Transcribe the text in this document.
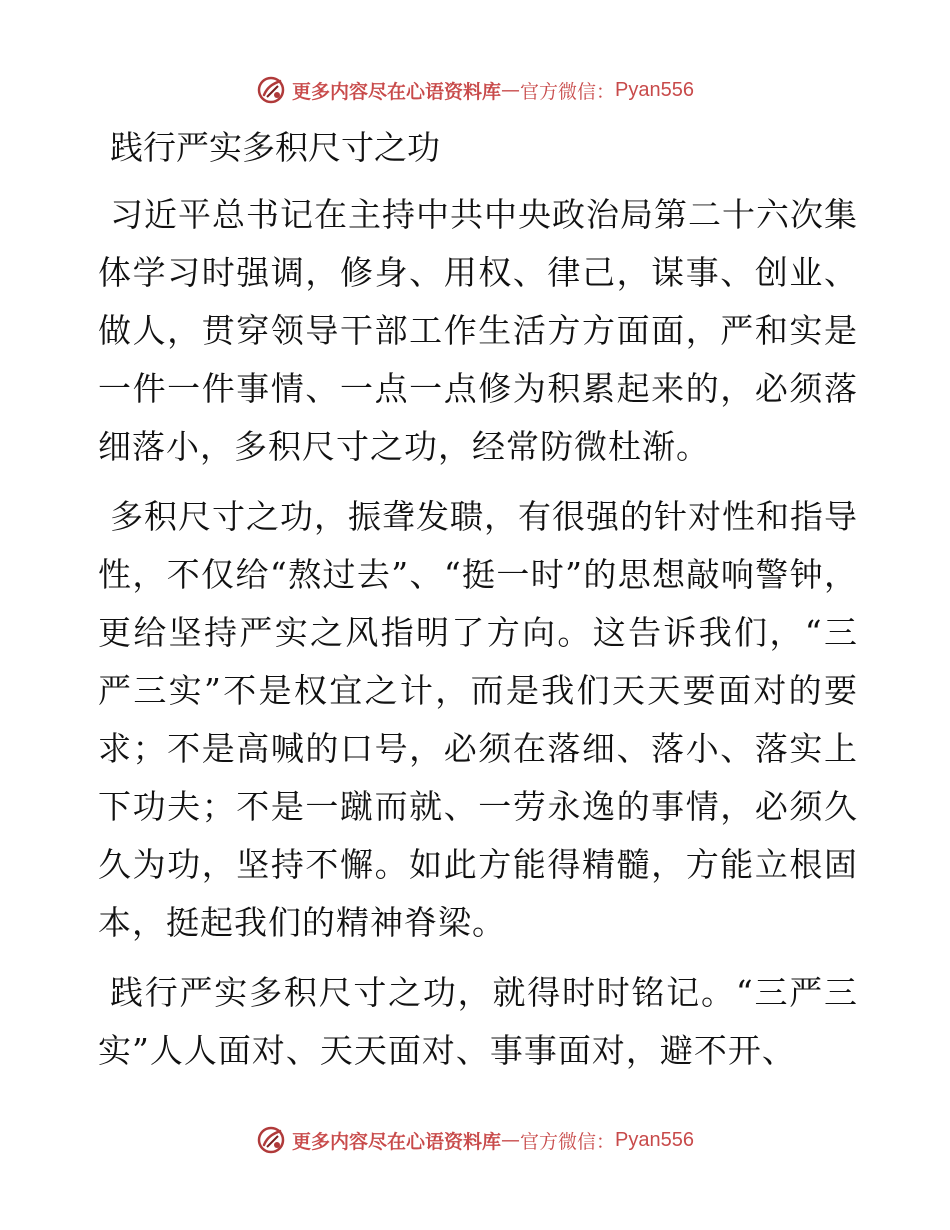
更多内容尽在心语资料库 — 官方微信： Pyan556
践行严实多积尺寸之功

习近平总书记在主持中共中央政治局第二十六次集体学习时强调，修身、用权、律己，谋事、创业、做人，贯穿领导干部工作生活方方面面，严和实是一件一件事情、一点一点修为积累起来的，必须落细落小，多积尺寸之功，经常防微杜渐。

多积尺寸之功，振聋发聩，有很强的针对性和指导性，不仅给“熬过去”、“挺一时”的思想敲响警钟，更给坚持严实之风指明了方向。这告诉我们，“三严三实”不是权宜之计，而是我们天天要面对的要求；不是高喊的口号，必须在落细、落小、落实上下功夫；不是一蹴而就、一劳永逸的事情，必须久久为功，坚持不懈。如此方能得精髓，方能立根固本，挺起我们的精神脊梁。

践行严实多积尺寸之功，就得时时铭记。“三严三实”人人面对、天天面对、事事面对，避不开、

更多内容尽在心语资料库 — 官方微信： Pyan556
